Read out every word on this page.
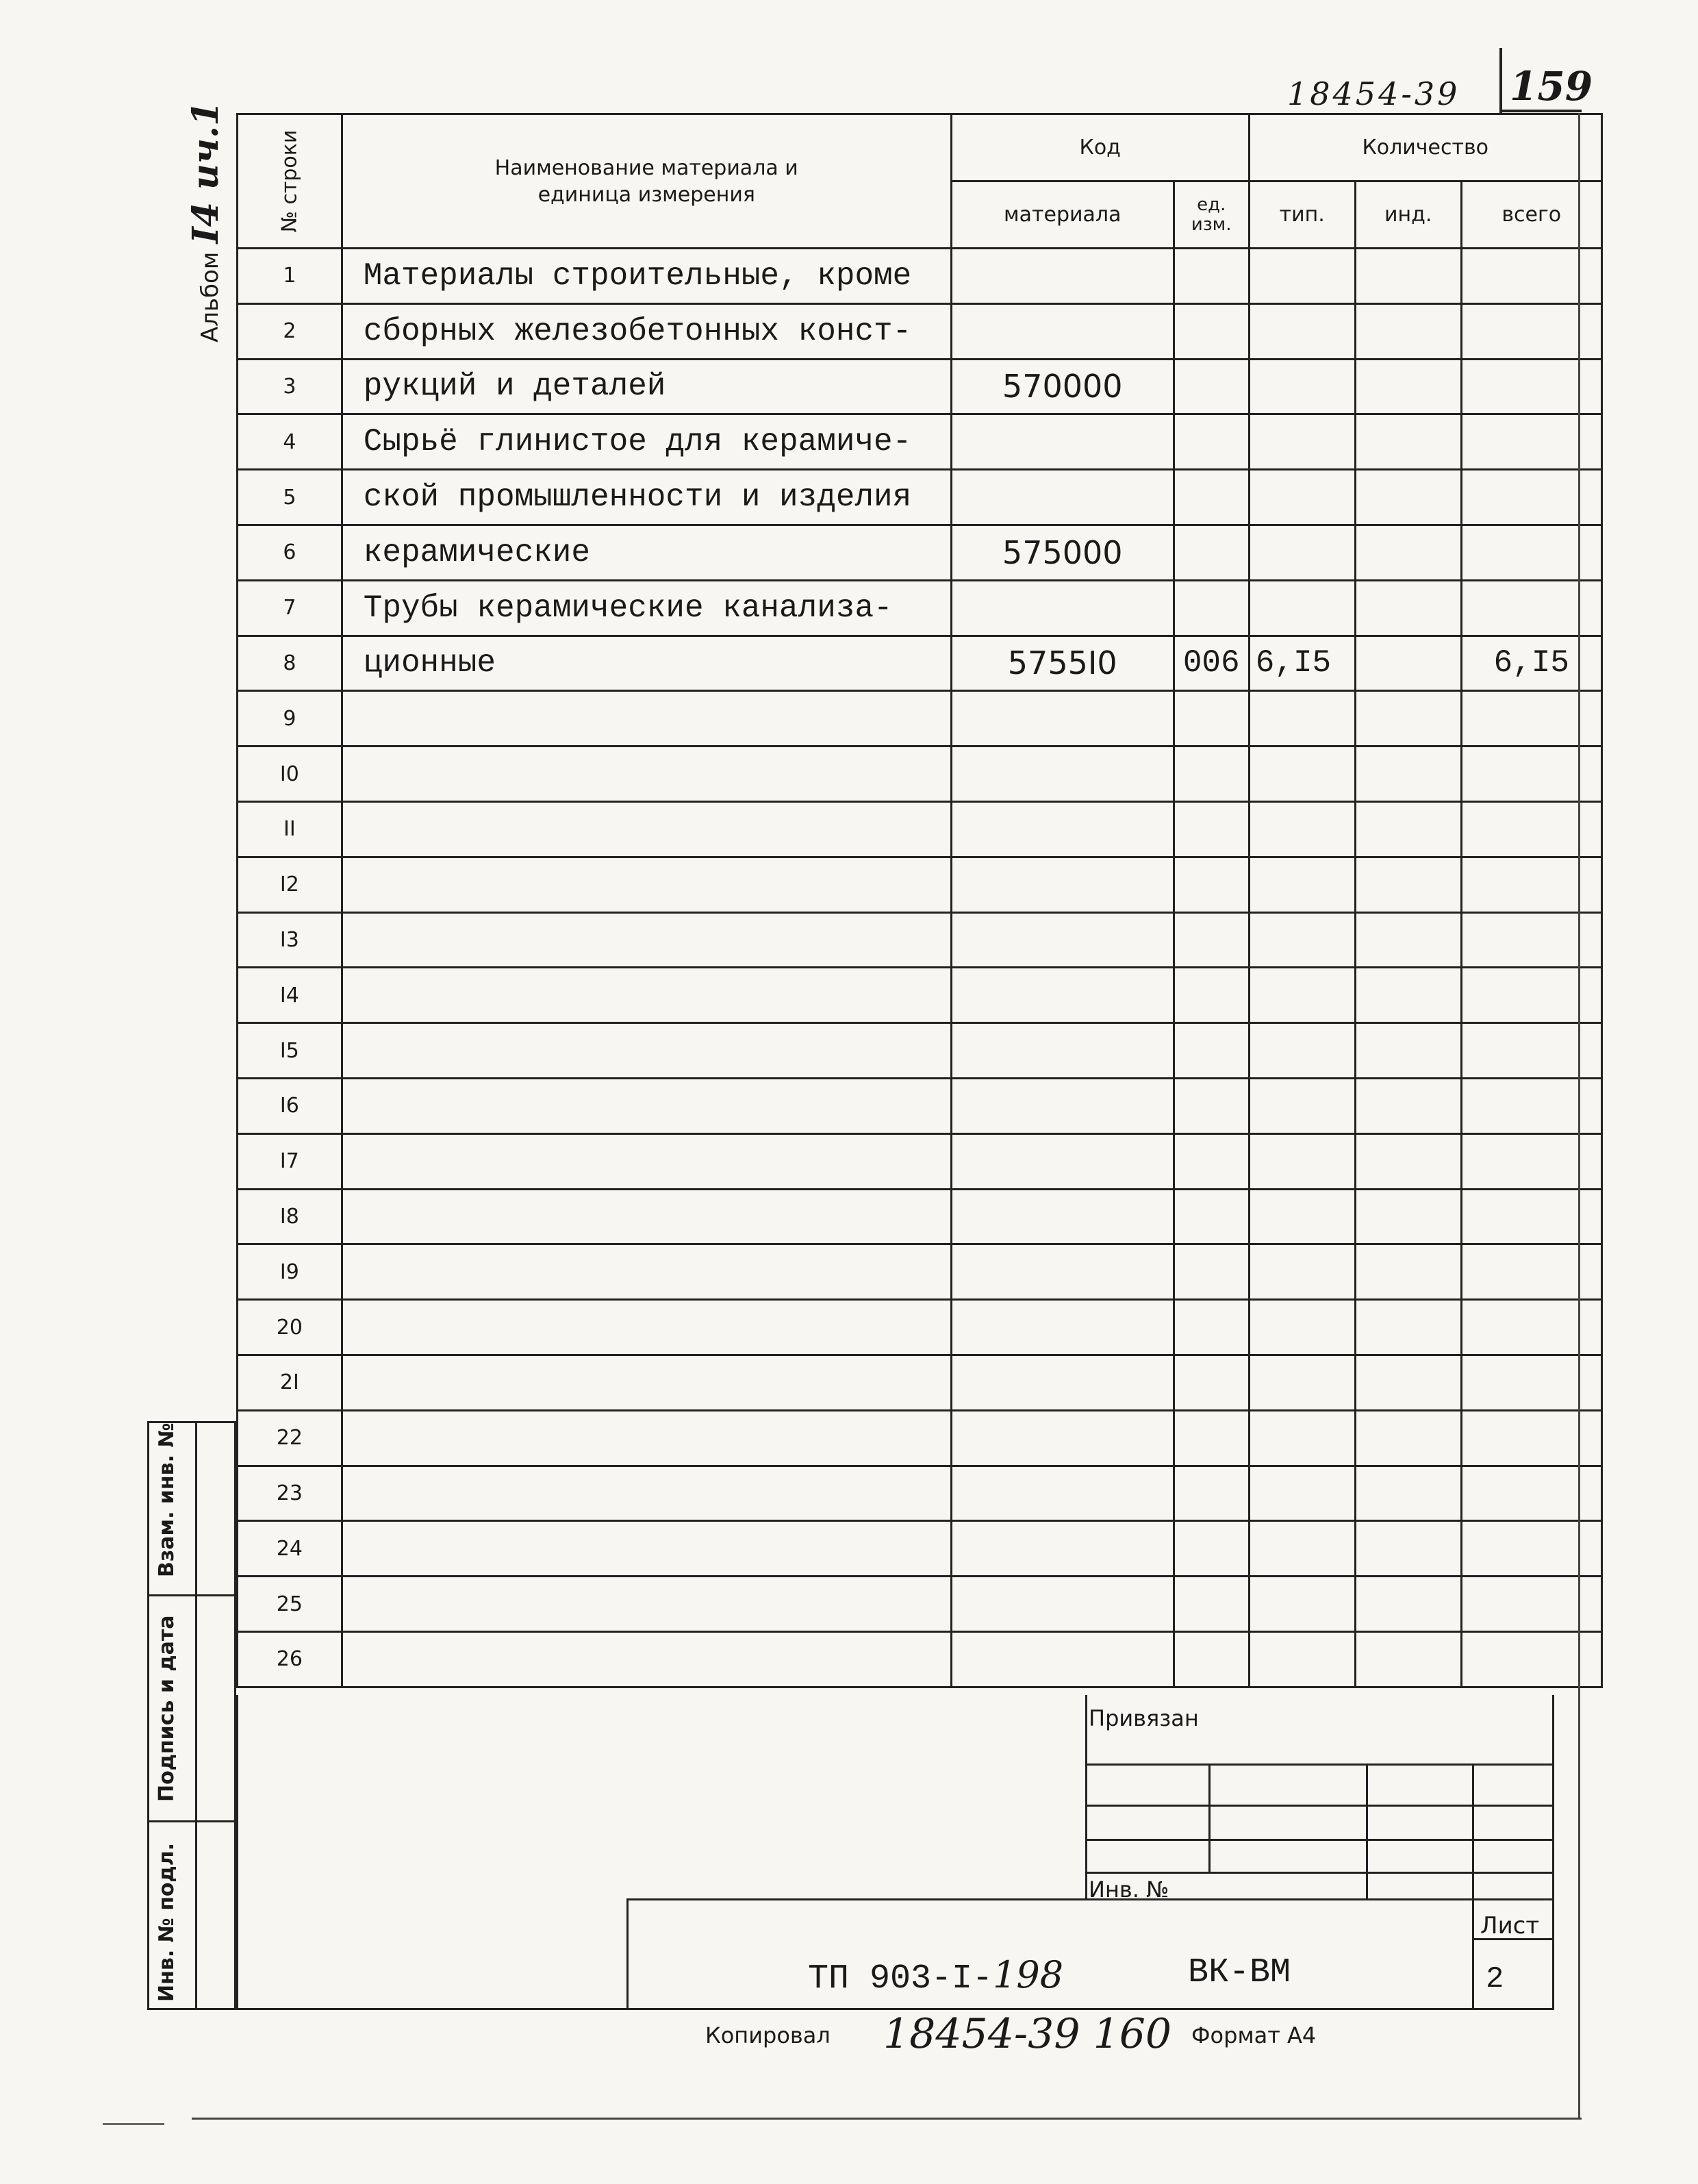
18454-39 159
АльбомI4 ич.1 № строки	Наименование материала и единица измерения	Код		Количество		
		материала	ед. изм.	тип.	инд.	всего
1	Материалы строительные, кроме					
2	сборных железобетонных конст-					
3	рукций и деталей	570000				
4	Сырьё глинистое для керамиче-					
5	ской промышленности и изделия					
6	керамические	575000				
7	Трубы керамические канализа-					
8	ционные	5755I0	006	6,I5		6,I5
9						
I0						
II						
I2						
I3						
I4						
I5						
I6						
I7						
I8						
I9						
20						
2I						
22						
23						
24						
25						
26						
Взам. инв. №
Подпись и дата
Инв. № подл.
Привязан
Инв. №
ТП 903-I-198	ВК-ВМ
Лист
2
Копировал 18454-39 160 Формат А4
